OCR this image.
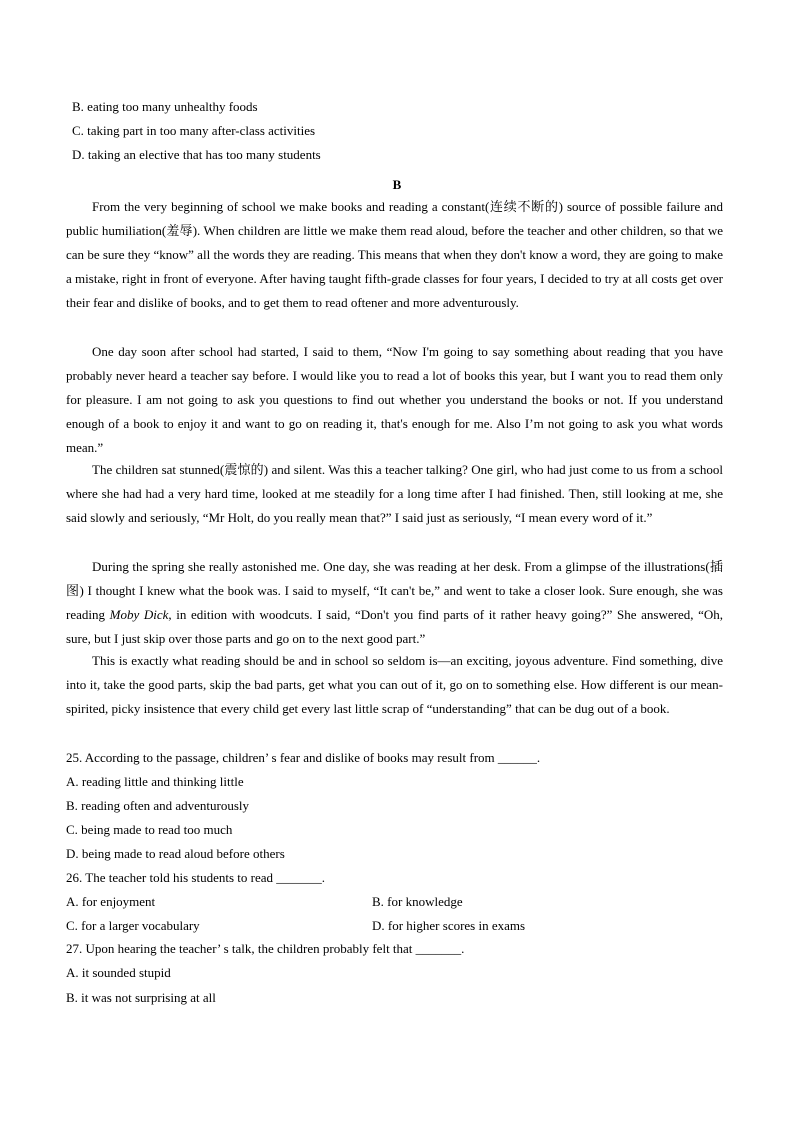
B. eating too many unhealthy foods
C. taking part in too many after-class activities
D. taking an elective that has too many students
B
From the very beginning of school we make books and reading a constant(连续不断的) source of possible failure and public humiliation(羞辱). When children are little we make them read aloud, before the teacher and other children, so that we can be sure they “know” all the words they are reading. This means that when they don't know a word, they are going to make a mistake, right in front of everyone. After having taught fifth-grade classes for four years, I decided to try at all costs get over their fear and dislike of books, and to get them to read oftener and more adventurously.
One day soon after school had started, I said to them, “Now I'm going to say something about reading that you have probably never heard a teacher say before. I would like you to read a lot of books this year, but I want you to read them only for pleasure. I am not going to ask you questions to find out whether you understand the books or not. If you understand enough of a book to enjoy it and want to go on reading it, that's enough for me. Also I’m not going to ask you what words mean.”
The children sat stunned(震惊的) and silent. Was this a teacher talking? One girl, who had just come to us from a school where she had had a very hard time, looked at me steadily for a long time after I had finished. Then, still looking at me, she said slowly and seriously, “Mr Holt, do you really mean that?” I said just as seriously, “I mean every word of it.”
During the spring she really astonished me. One day, she was reading at her desk. From a glimpse of the illustrations(插图) I thought I knew what the book was. I said to myself, “It can't be,” and went to take a closer look. Sure enough, she was reading Moby Dick, in edition with woodcuts. I said, “Don't you find parts of it rather heavy going?” She answered, “Oh, sure, but I just skip over those parts and go on to the next good part.”
This is exactly what reading should be and in school so seldom is—an exciting, joyous adventure. Find something, dive into it, take the good parts, skip the bad parts, get what you can out of it, go on to something else. How different is our mean-spirited, picky insistence that every child get every last little scrap of “understanding” that can be dug out of a book.
25. According to the passage, children’ s fear and dislike of books may result from ______.
A. reading little and thinking little
B. reading often and adventurously
C. being made to read too much
D. being made to read aloud before others
26. The teacher told his students to read _______.
A. for enjoyment	B. for knowledge
C. for a larger vocabulary	D. for higher scores in exams
27. Upon hearing the teacher’ s talk, the children probably felt that _______.
A. it sounded stupid
B. it was not surprising at all
